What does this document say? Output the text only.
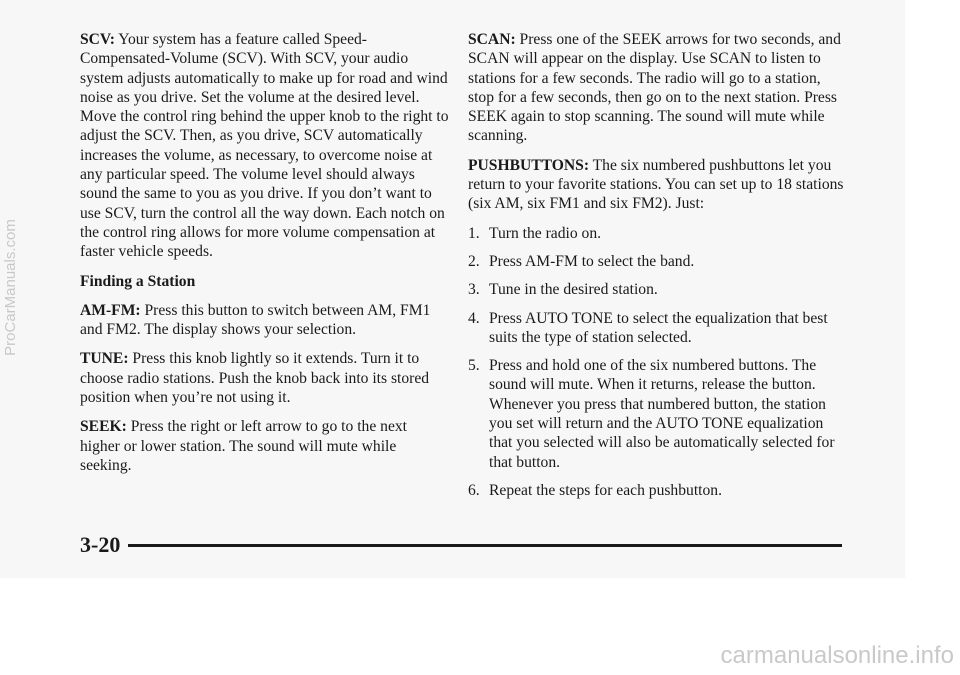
SCV: Your system has a feature called Speed-Compensated-Volume (SCV). With SCV, your audio system adjusts automatically to make up for road and wind noise as you drive. Set the volume at the desired level. Move the control ring behind the upper knob to the right to adjust the SCV. Then, as you drive, SCV automatically increases the volume, as necessary, to overcome noise at any particular speed. The volume level should always sound the same to you as you drive. If you don’t want to use SCV, turn the control all the way down. Each notch on the control ring allows for more volume compensation at faster vehicle speeds.

Finding a Station

AM-FM: Press this button to switch between AM, FM1 and FM2. The display shows your selection.

TUNE: Press this knob lightly so it extends. Turn it to choose radio stations. Push the knob back into its stored position when you’re not using it.

SEEK: Press the right or left arrow to go to the next higher or lower station. The sound will mute while seeking.

SCAN: Press one of the SEEK arrows for two seconds, and SCAN will appear on the display. Use SCAN to listen to stations for a few seconds. The radio will go to a station, stop for a few seconds, then go on to the next station. Press SEEK again to stop scanning. The sound will mute while scanning.

PUSHBUTTONS: The six numbered pushbuttons let you return to your favorite stations. You can set up to 18 stations (six AM, six FM1 and six FM2). Just:

1. Turn the radio on.
2. Press AM-FM to select the band.
3. Tune in the desired station.
4. Press AUTO TONE to select the equalization that best suits the type of station selected.
5. Press and hold one of the six numbered buttons. The sound will mute. When it returns, release the button. Whenever you press that numbered button, the station you set will return and the AUTO TONE equalization that you selected will also be automatically selected for that button.
6. Repeat the steps for each pushbutton.
3-20
ProCarManuals.com
carmanualsonline.info
